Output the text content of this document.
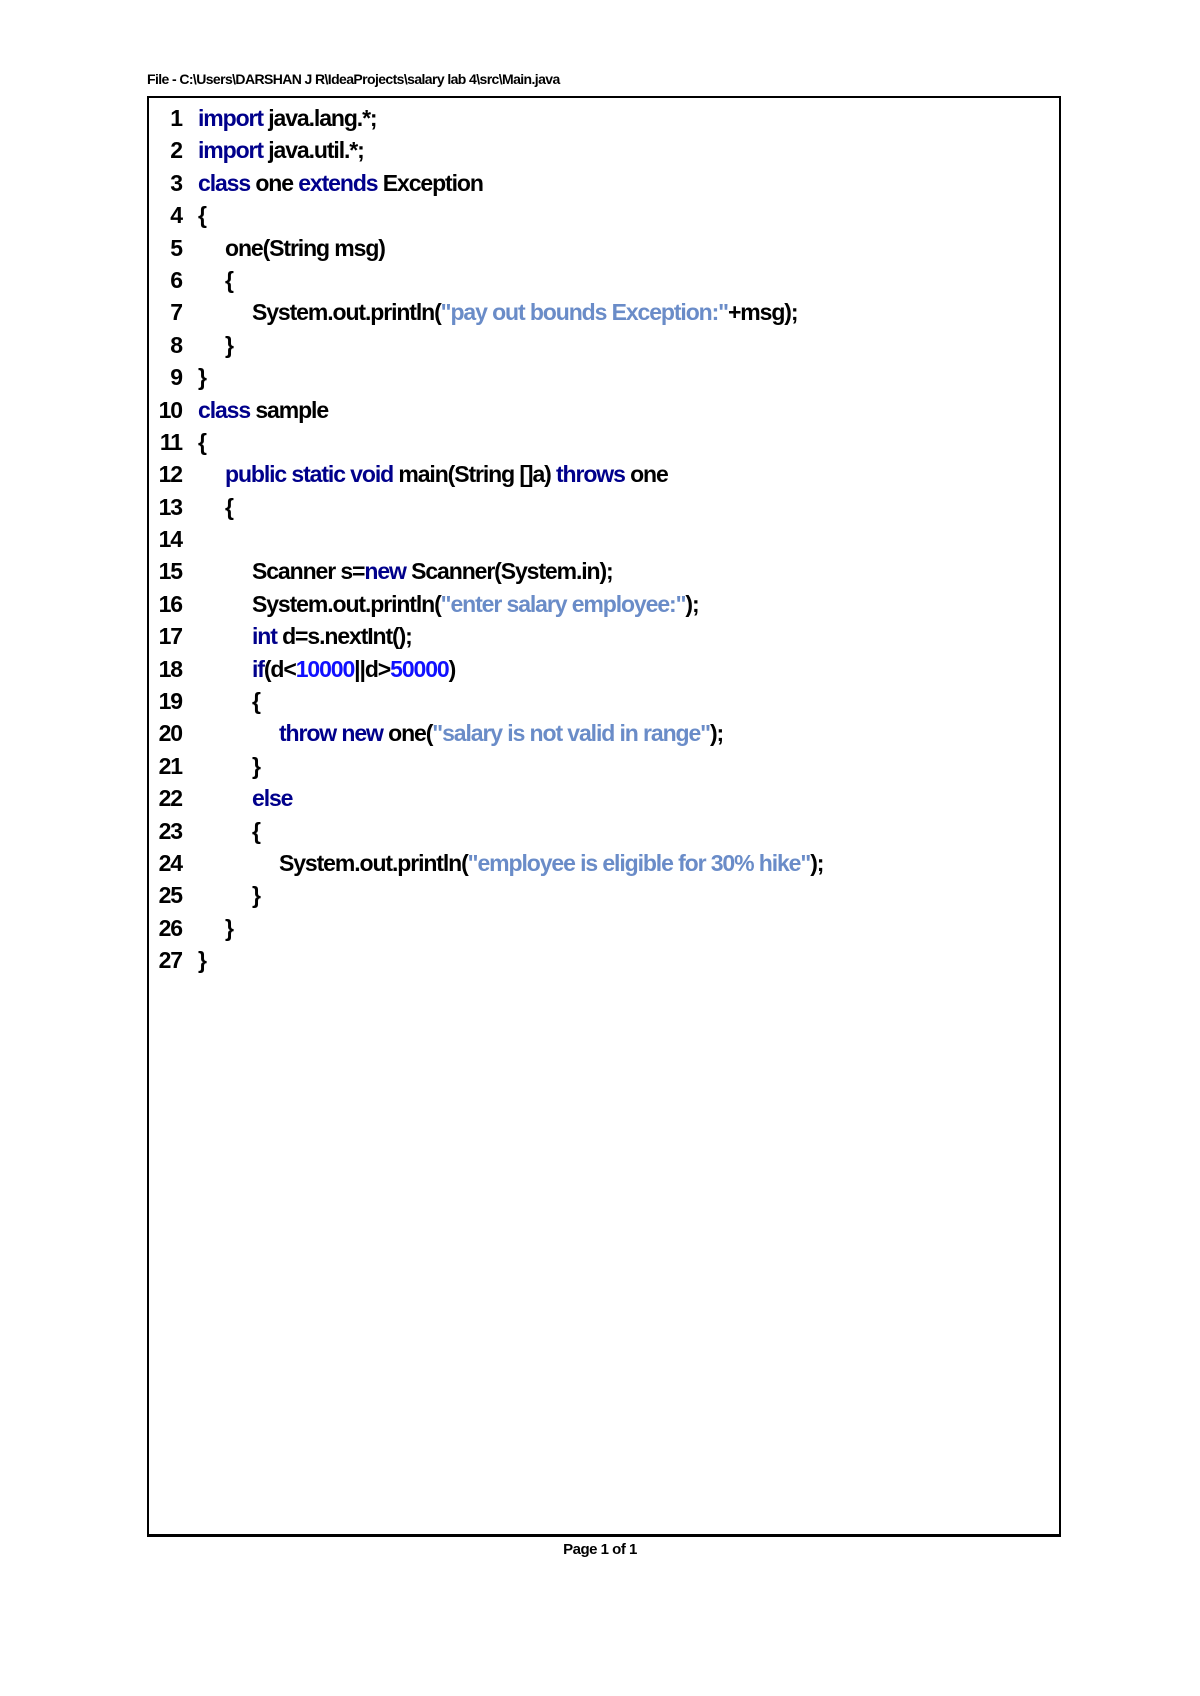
File - C:\Users\DARSHAN J R\IdeaProjects\salary lab 4\src\Main.java
1 import java.lang.*;
2 import java.util.*;
3 class one extends Exception
4 {
5	one(String msg)
6	{
7	System.out.println("pay out bounds Exception:"+msg);
8	}
9 }
10 class sample
11 {
12	public static void main(String []a) throws one
13	{
14
15	Scanner s=new Scanner(System.in);
16	System.out.println("enter salary employee:");
17	int d=s.nextInt();
18	if(d<10000||d>50000)
19	{
20	throw new one("salary is not valid in range");
21	}
22	else
23	{
24	System.out.println("employee is eligible for 30% hike");
25	}
26	}
27 }
Page 1 of 1
